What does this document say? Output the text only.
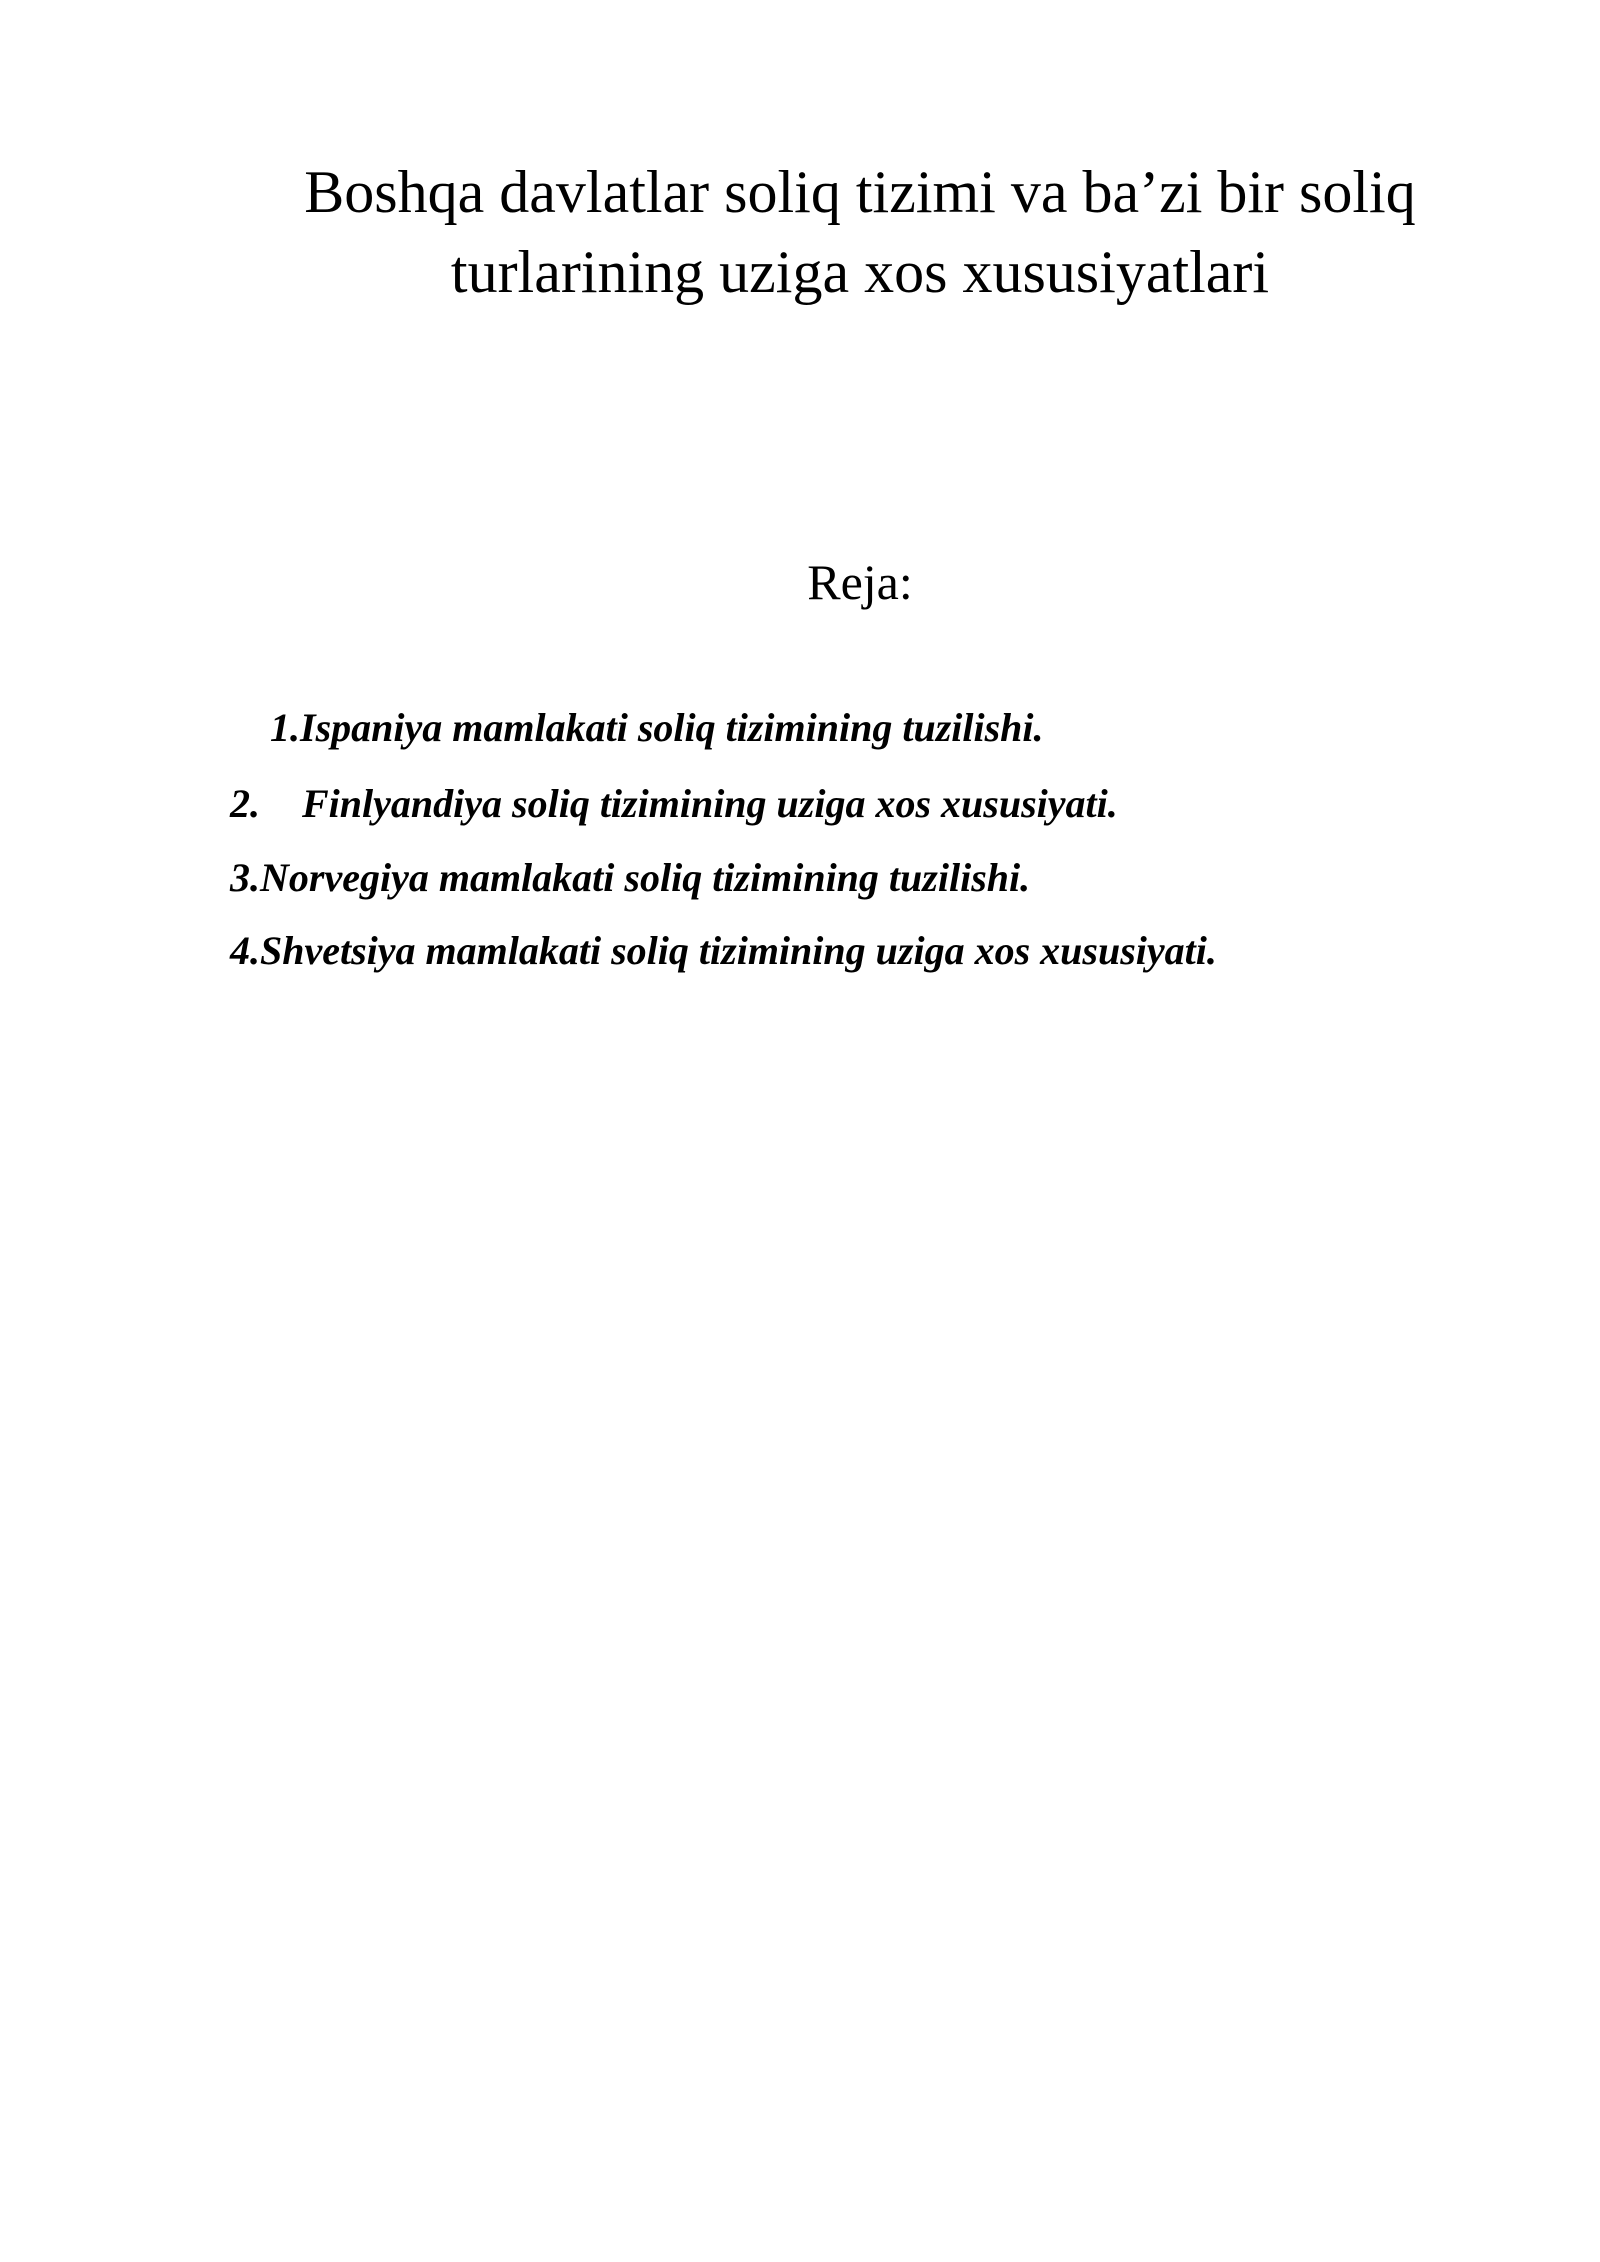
Boshqa davlatlar soliq tizimi va ba’zi bir soliq
turlarining uziga xos xususiyatlari
Reja:
1.Ispaniya mamlakati soliq tizimining tuzilishi.
2. Finlyandiya soliq tizimining uziga xos xususiyati.
3.Norvegiya mamlakati soliq tizimining tuzilishi.
4.Shvetsiya mamlakati soliq tizimining uziga xos xususiyati.
